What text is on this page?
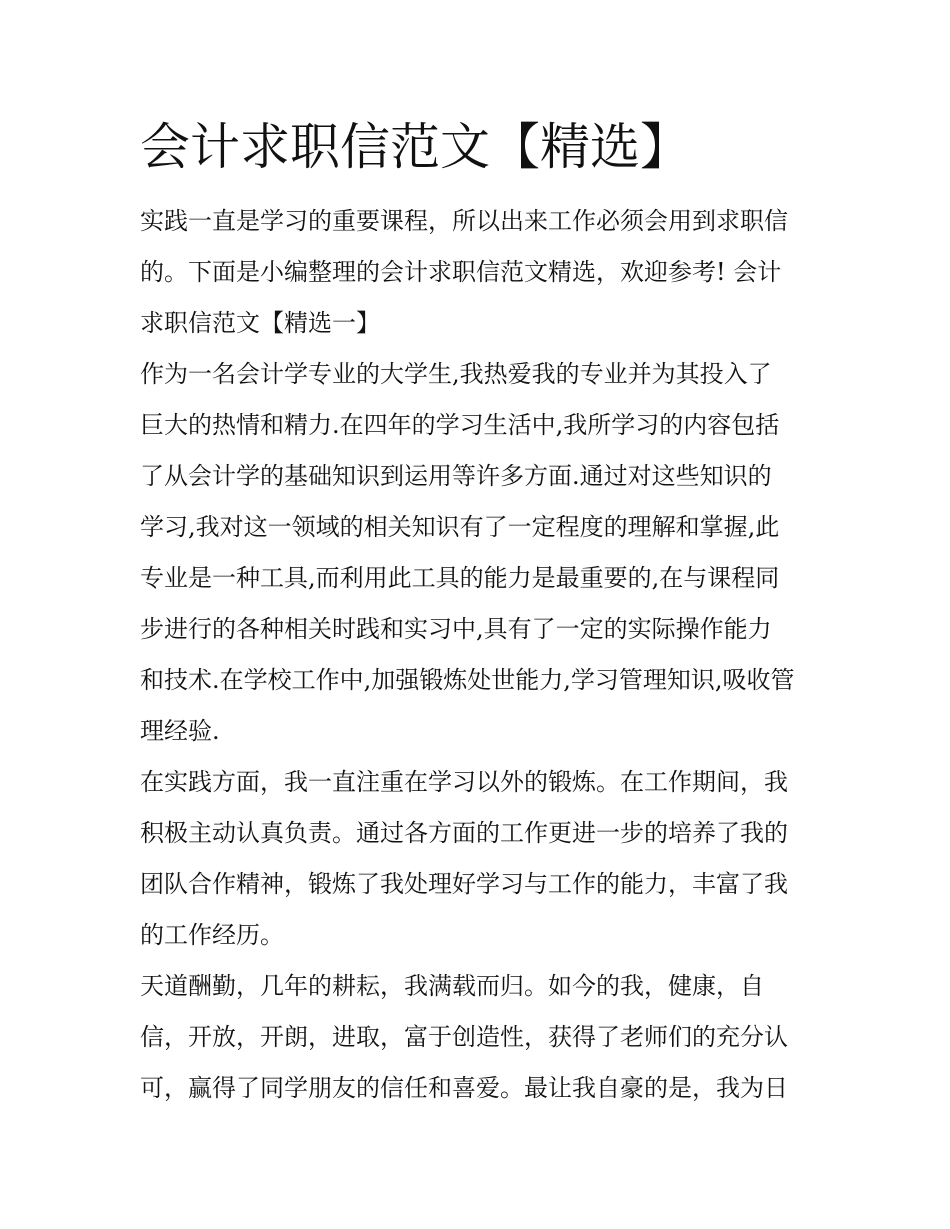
会计求职信范文【精选】
实践一直是学习的重要课程，所以出来工作必须会用到求职信
的。下面是小编整理的会计求职信范文精选，欢迎参考! 会计
求职信范文【精选一】
作为一名会计学专业的大学生,我热爱我的专业并为其投入了
巨大的热情和精力.在四年的学习生活中,我所学习的内容包括
了从会计学的基础知识到运用等许多方面.通过对这些知识的
学习,我对这一领域的相关知识有了一定程度的理解和掌握,此
专业是一种工具,而利用此工具的能力是最重要的,在与课程同
步进行的各种相关时践和实习中,具有了一定的实际操作能力
和技术.在学校工作中,加强锻炼处世能力,学习管理知识,吸收管
理经验.
在实践方面，我一直注重在学习以外的锻炼。在工作期间，我
积极主动认真负责。通过各方面的工作更进一步的培养了我的
团队合作精神，锻炼了我处理好学习与工作的能力，丰富了我
的工作经历。
天道酬勤，几年的耕耘，我满载而归。如今的我，健康，自
信，开放，开朗，进取，富于创造性，获得了老师们的充分认
可，赢得了同学朋友的信任和喜爱。最让我自豪的是，我为日
